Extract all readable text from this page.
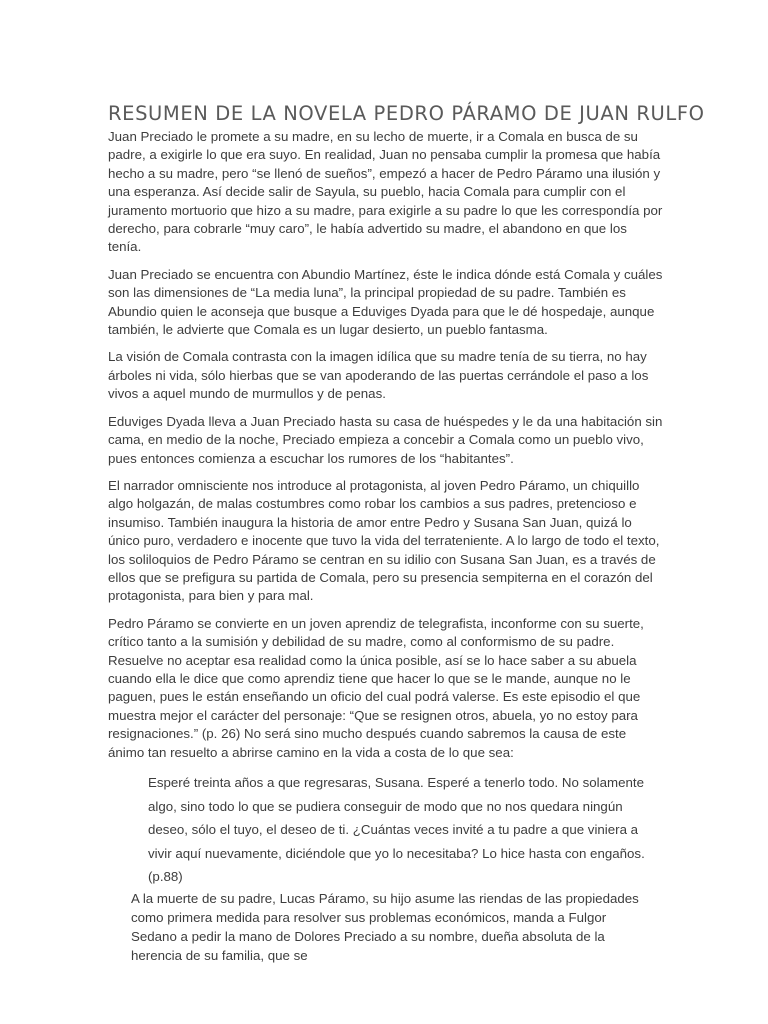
RESUMEN DE LA NOVELA PEDRO PÁRAMO DE JUAN RULFO

Juan Preciado le promete a su madre, en su lecho de muerte, ir a Comala en busca de su padre, a exigirle lo que era suyo. En realidad, Juan no pensaba cumplir la promesa que había hecho a su madre, pero “se llenó de sueños”, empezó a hacer de Pedro Páramo una ilusión y una esperanza. Así decide salir de Sayula, su pueblo, hacia Comala para cumplir con el juramento mortuorio que hizo a su madre, para exigirle a su padre lo que les correspondía por derecho, para cobrarle “muy caro”, le había advertido su madre, el abandono en que los tenía.

Juan Preciado se encuentra con Abundio Martínez, éste le indica dónde está Comala y cuáles son las dimensiones de “La media luna”, la principal propiedad de su padre. También es Abundio quien le aconseja que busque a Eduviges Dyada para que le dé hospedaje, aunque también, le advierte que Comala es un lugar desierto, un pueblo fantasma.

La visión de Comala contrasta con la imagen idílica que su madre tenía de su tierra, no hay árboles ni vida, sólo hierbas que se van apoderando de las puertas cerrándole el paso a los vivos a aquel mundo de murmullos y de penas.

Eduviges Dyada lleva a Juan Preciado hasta su casa de huéspedes y le da una habitación sin cama, en medio de la noche, Preciado empieza a concebir a Comala como un pueblo vivo, pues entonces comienza a escuchar los rumores de los “habitantes”.

El narrador omnisciente nos introduce al protagonista, al joven Pedro Páramo, un chiquillo algo holgazán, de malas costumbres como robar los cambios a sus padres, pretencioso e insumiso. También inaugura la historia de amor entre Pedro y Susana San Juan, quizá lo único puro, verdadero e inocente que tuvo la vida del terrateniente. A lo largo de todo el texto, los soliloquios de Pedro Páramo se centran en su idilio con Susana San Juan, es a través de ellos que se prefigura su partida de Comala, pero su presencia sempiterna en el corazón del protagonista, para bien y para mal.

Pedro Páramo se convierte en un joven aprendiz de telegrafista, inconforme con su suerte, crítico tanto a la sumisión y debilidad de su madre, como al conformismo de su padre. Resuelve no aceptar esa realidad como la única posible, así se lo hace saber a su abuela cuando ella le dice que como aprendiz tiene que hacer lo que se le mande, aunque no le paguen, pues le están enseñando un oficio del cual podrá valerse. Es este episodio el que muestra mejor el carácter del personaje: “Que se resignen otros, abuela, yo no estoy para resignaciones.” (p. 26) No será sino mucho después cuando sabremos la causa de este ánimo tan resuelto a abrirse camino en la vida a costa de lo que sea:

Esperé treinta años a que regresaras, Susana. Esperé a tenerlo todo. No solamente algo, sino todo lo que se pudiera conseguir de modo que no nos quedara ningún deseo, sólo el tuyo, el deseo de ti. ¿Cuántas veces invité a tu padre a que viniera a vivir aquí nuevamente, diciéndole que yo lo necesitaba? Lo hice hasta con engaños. (p.88)

A la muerte de su padre, Lucas Páramo, su hijo asume las riendas de las propiedades como primera medida para resolver sus problemas económicos, manda a Fulgor Sedano a pedir la mano de Dolores Preciado a su nombre, dueña absoluta de la herencia de su familia, que se
